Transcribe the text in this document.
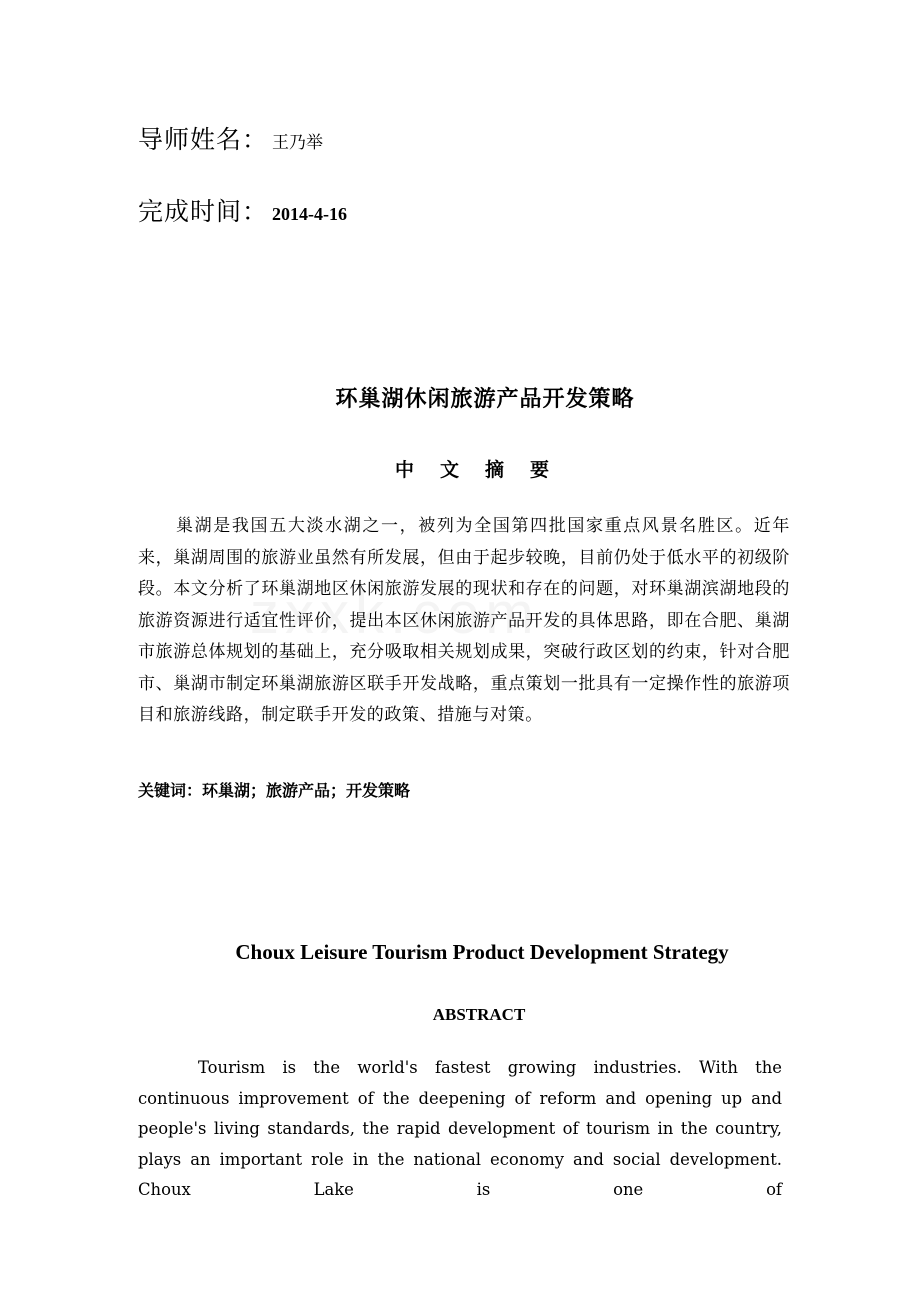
导师姓名： 王乃举
完成时间： 2014-4-16
环巢湖休闲旅游产品开发策略
中文摘要

巢湖是我国五大淡水湖之一，被列为全国第四批国家重点风景名胜区。近年来，巢湖周围的旅游业虽然有所发展，但由于起步较晚，目前仍处于低水平的初级阶段。本文分析了环巢湖地区休闲旅游发展的现状和存在的问题，对环巢湖滨湖地段的旅游资源进行适宜性评价，提出本区休闲旅游产品开发的具体思路，即在合肥、巢湖市旅游总体规划的基础上，充分吸取相关规划成果，突破行政区划的约束，针对合肥市、巢湖市制定环巢湖旅游区联手开发战略，重点策划一批具有一定操作性的旅游项目和旅游线路，制定联手开发的政策、措施与对策。

关键词：环巢湖；旅游产品；开发策略
Choux Leisure Tourism Product Development Strategy
ABSTRACT

Tourism is the world's fastest growing industries. With the continuous improvement of the deepening of reform and opening up and people's living standards, the rapid development of tourism in the country, plays an important role in the national economy and social development. Choux Lake is one of
